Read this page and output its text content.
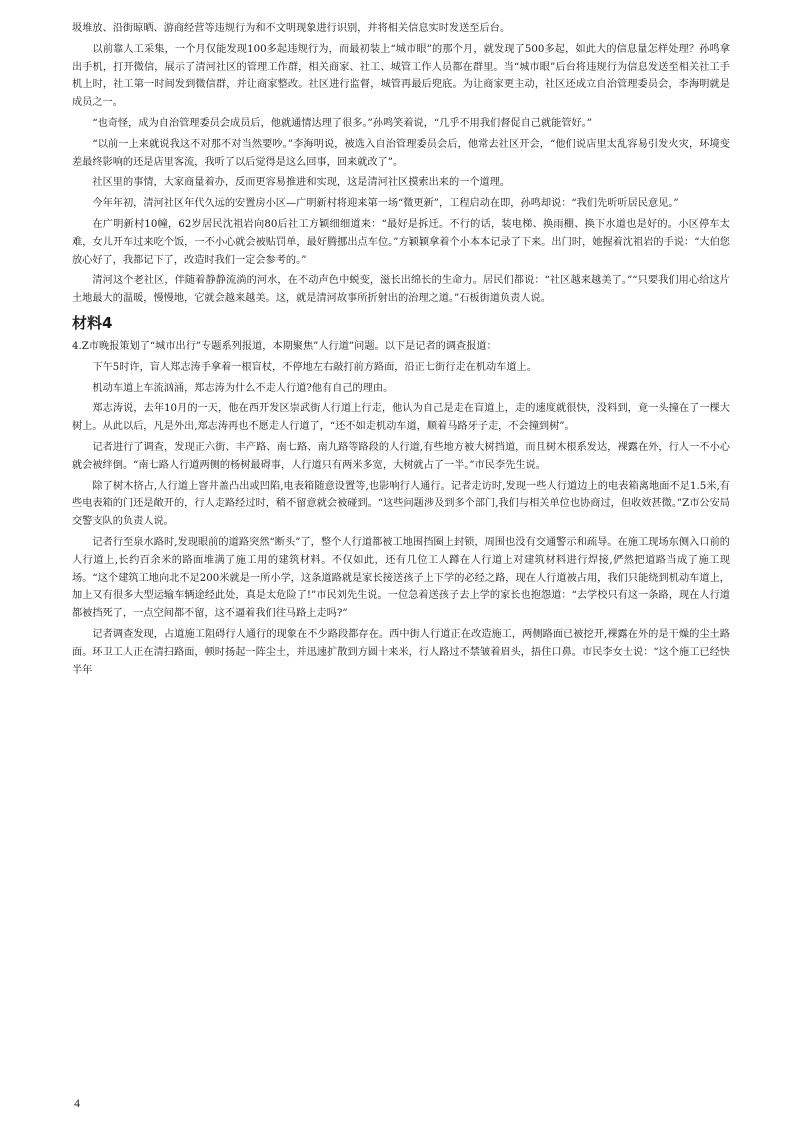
圾堆放、沿街晾晒、游商经营等违规行为和不文明现象进行识别，并将相关信息实时发送至后台。

以前靠人工采集，一个月仅能发现100多起违规行为，而最初装上“城市眼”的那个月，就发现了500多起，如此大的信息量怎样处理？孙鸣拿出手机，打开微信，展示了清河社区的管理工作群，相关商家、社工、城管工作人员都在群里。当“城市眼”后台将违规行为信息发送至相关社工手机上时，社工第一时间发到微信群，并让商家整改。社区进行监督，城管再最后兜底。为让商家更主动，社区还成立自治管理委员会，李海明就是成员之一。

“也奇怪，成为自治管理委员会成员后，他就通情达理了很多。”孙鸣笑着说，“几乎不用我们督促自己就能管好。”

“以前一上来就说我这不对那不对当然要吵。”李海明说，被选入自治管理委员会后，他常去社区开会，“他们说店里太乱容易引发火灾，环境变差最终影响的还是店里客流，我听了以后觉得是这么回事，回来就改了”。

社区里的事情，大家商量着办，反而更容易推进和实现，这是清河社区摸索出来的一个道理。

今年年初，清河社区年代久远的安置房小区—广明新村将迎来第一场“微更新”，工程启动在即，孙鸣却说：“我们先听听居民意见。”

在广明新村10幢，62岁居民沈祖岩向80后社工方颖细细道来：“最好是拆迁。不行的话，装电梯、换雨棚、换下水道也是好的。小区停车太难，女儿开车过来吃个饭，一不小心就会被贴罚单，最好腾挪出点车位。”方颖颖拿着个小本本记录了下来。出门时，她握着沈祖岩的手说：“大伯您放心好了，我都记下了，改造时我们一定会参考的。”

清河这个老社区，伴随着静静流淌的河水，在不动声色中蜕变，滋长出绵长的生命力。居民们都说：“社区越来越美了。”“只要我们用心给这片土地最大的温暖，慢慢地，它就会越来越美。这，就是清河故事所折射出的治理之道。”石板街道负责人说。

材料4

4.Z市晚报策划了“城市出行”专题系列报道，本期聚焦”人行道”问题。以下是记者的调查报道：

下午5时许，盲人郑志涛手拿着一根盲杖，不停地左右敲打前方路面，沿正七街行走在机动车道上。

机动车道上车流汹涌，郑志涛为什么不走人行道?他有自己的理由。

郑志涛说，去年10月的一天，他在西开发区崇武街人行道上行走，他认为自己是走在盲道上，走的速度就很快，没料到，竟一头撞在了一棵大树上。从此以后，凡是外出,郑志涛再也不愿走人行道了，“还不如走机动车道，顺着马路牙子走，不会撞到树”。

记者进行了调查，发现正六街、丰产路、南七路、南九路等路段的人行道,有些地方被大树挡道，而且树木根系发达，裸露在外，行人一不小心就会被绊倒。“南七路人行道两侧的杨树最碍事，人行道只有两米多宽，大树就占了一半。”市民李先生说。

除了树木挤占,人行道上窨井盖凸出或凹陷,电表箱随意设置等,也影响行人通行。记者走访时,发现一些人行道边上的电表箱离地面不足1.5米,有些电表箱的门还是敞开的，行人走路经过时，稍不留意就会被碰到。“这些问题涉及到多个部门,我们与相关单位也协商过，但收效甚微。”Z市公安局交警支队的负责人说。

记者行至泉水路时,发现眼前的道路突然“断头”了，整个人行道都被工地围挡圈上封锁，周围也没有交通警示和疏导。在施工现场东侧入口前的人行道上,长约百余米的路面堆满了施工用的建筑材料。不仅如此，还有几位工人蹲在人行道上对建筑材料进行焊接,俨然把道路当成了施工现场。“这个建筑工地向北不足200米就是一所小学，这条道路就是家长接送孩子上下学的必经之路，现在人行道被占用，我们只能绕到机动车道上，加上又有很多大型运输车辆途经此处，真是太危险了!”市民刘先生说。一位急着送孩子去上学的家长也抱怨道：“去学校只有这一条路，现在人行道都被挡死了，一点空间都不留，这不逼着我们往马路上走吗?”

记者调查发现，占道施工阻碍行人通行的现象在不少路段都存在。西中街人行道正在改造施工，两侧路面已被挖开,裸露在外的是干燥的尘土路面。环卫工人正在清扫路面，顿时扬起一阵尘土，并迅速扩散到方圆十来米，行人路过不禁皱着眉头，捂住口鼻。市民李女士说：“这个施工已经快半年

4
